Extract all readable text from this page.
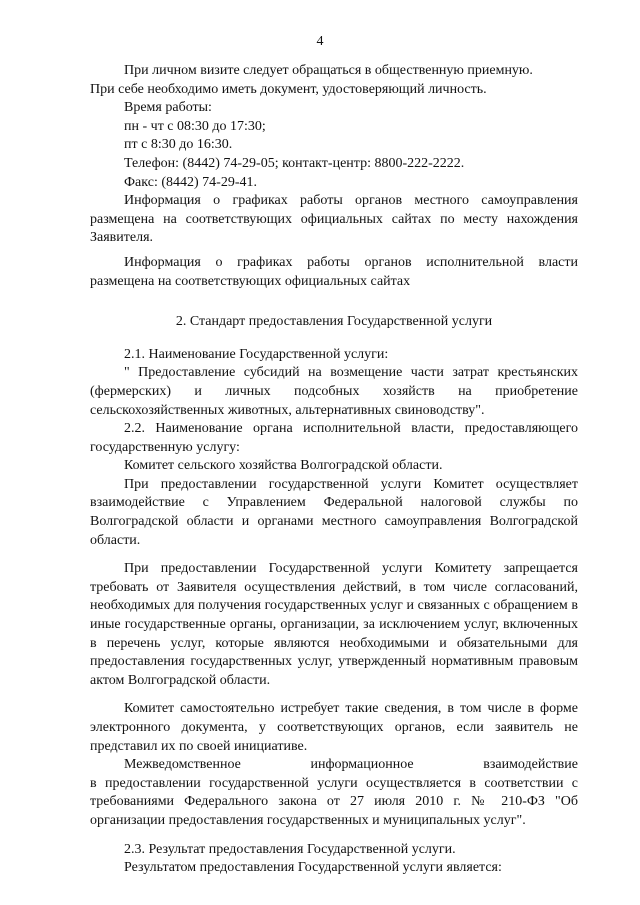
4

При личном визите следует обращаться в общественную приемную.

При себе необходимо иметь документ, удостоверяющий личность.

Время работы:

пн - чт с 08:30 до 17:30;

пт с 8:30 до 16:30.

Телефон: (8442) 74-29-05; контакт-центр: 8800-222-2222.

Факс: (8442) 74-29-41.

Информация о графиках работы органов местного самоуправления размещена на соответствующих официальных сайтах по месту нахождения Заявителя.

Информация о графиках работы органов исполнительной власти размещена на соответствующих официальных сайтах

2. Стандарт предоставления Государственной услуги

2.1. Наименование Государственной услуги:

" Предоставление субсидий на возмещение части затрат крестьянских (фермерских) и личных подсобных хозяйств на приобретение сельскохозяйственных животных, альтернативных свиноводству".

2.2. Наименование органа исполнительной власти, предоставляющего государственную услугу:

Комитет сельского хозяйства Волгоградской области.

При предоставлении государственной услуги Комитет осуществляет взаимодействие с Управлением Федеральной налоговой службы по Волгоградской области и органами местного самоуправления Волгоградской области.

При предоставлении Государственной услуги Комитету запрещается требовать от Заявителя осуществления действий, в том числе согласований, необходимых для получения государственных услуг и связанных с обращением в иные государственные органы, организации, за исключением услуг, включенных в перечень услуг, которые являются необходимыми и обязательными для предоставления государственных услуг, утвержденный нормативным правовым актом Волгоградской области.

Комитет самостоятельно истребует такие сведения, в том числе в форме электронного документа, у соответствующих органов, если заявитель не представил их по своей инициативе.

Межведомственное	информационное	взаимодействие

в предоставлении государственной услуги осуществляется в соответствии с требованиями Федерального закона от 27 июля 2010 г. № 210-ФЗ "Об организации предоставления государственных и муниципальных услуг".

2.3. Результат предоставления Государственной услуги.

Результатом предоставления Государственной услуги является:
